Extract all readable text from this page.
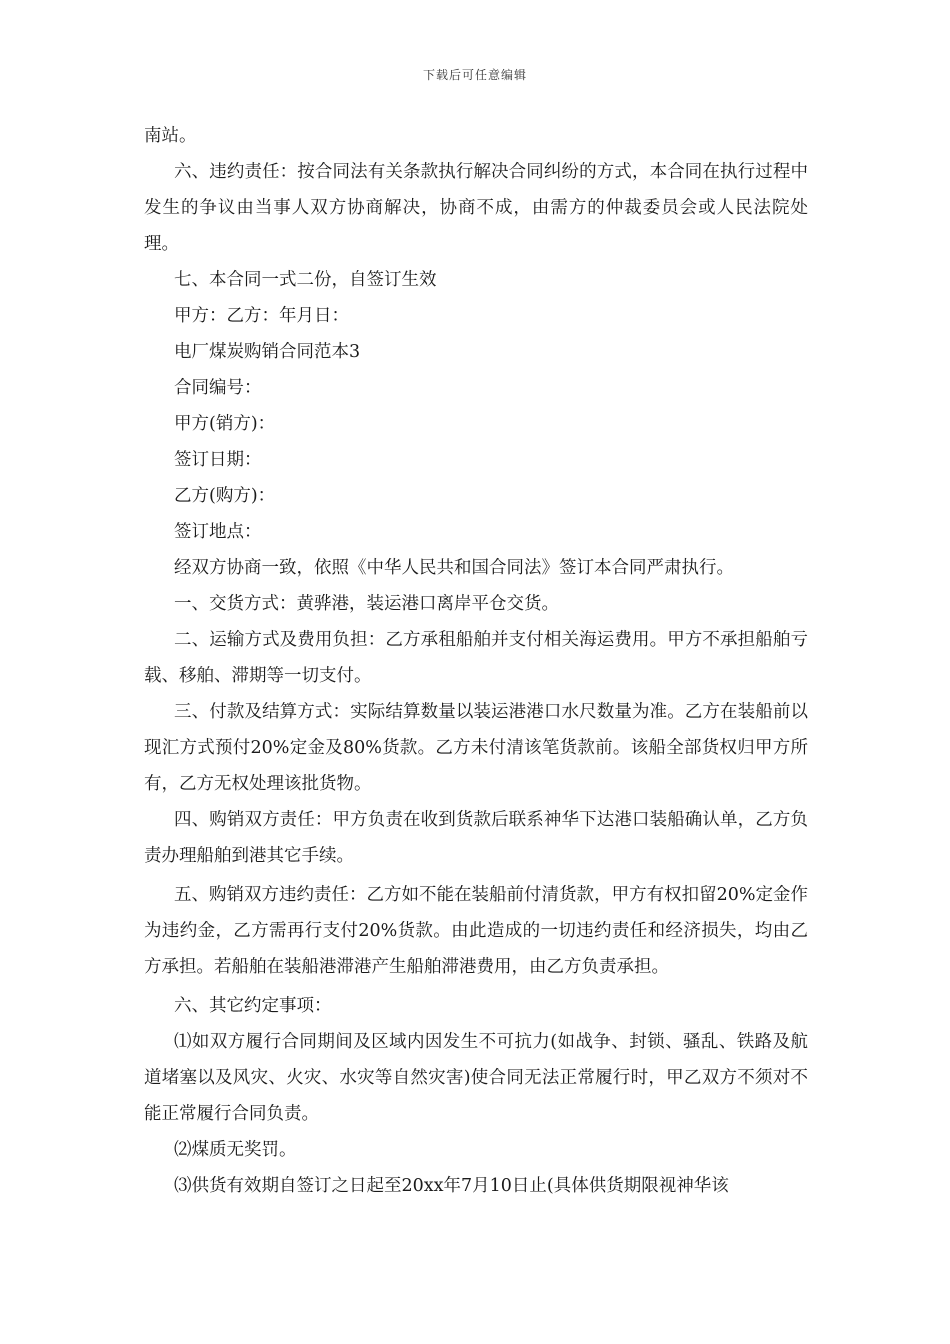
下载后可任意编辑

南站。

六、违约责任：按合同法有关条款执行解决合同纠纷的方式，本合同在执行过程中发生的争议由当事人双方协商解决，协商不成，由需方的仲裁委员会或人民法院处理。

七、本合同一式二份，自签订生效

甲方：乙方：年月日：

电厂煤炭购销合同范本3

合同编号：

甲方(销方)：

签订日期：

乙方(购方)：

签订地点：

经双方协商一致，依照《中华人民共和国合同法》签订本合同严肃执行。

一、交货方式：黄骅港，装运港口离岸平仓交货。

二、运输方式及费用负担：乙方承租船舶并支付相关海运费用。甲方不承担船舶亏载、移舶、滞期等一切支付。

三、付款及结算方式：实际结算数量以装运港港口水尺数量为准。乙方在装船前以现汇方式预付20%定金及80%货款。乙方未付清该笔货款前。该船全部货权归甲方所有，乙方无权处理该批货物。

四、购销双方责任：甲方负责在收到货款后联系神华下达港口装船确认单，乙方负责办理船舶到港其它手续。

五、购销双方违约责任：乙方如不能在装船前付清货款，甲方有权扣留20%定金作为违约金，乙方需再行支付20%货款。由此造成的一切违约责任和经济损失，均由乙方承担。若船舶在装船港滞港产生船舶滞港费用，由乙方负责承担。

六、其它约定事项：

⑴如双方履行合同期间及区域内因发生不可抗力(如战争、封锁、骚乱、铁路及航道堵塞以及风灾、火灾、水灾等自然灾害)使合同无法正常履行时，甲乙双方不须对不能正常履行合同负责。

⑵煤质无奖罚。

⑶供货有效期自签订之日起至20xx年7月10日止(具体供货期限视神华该
